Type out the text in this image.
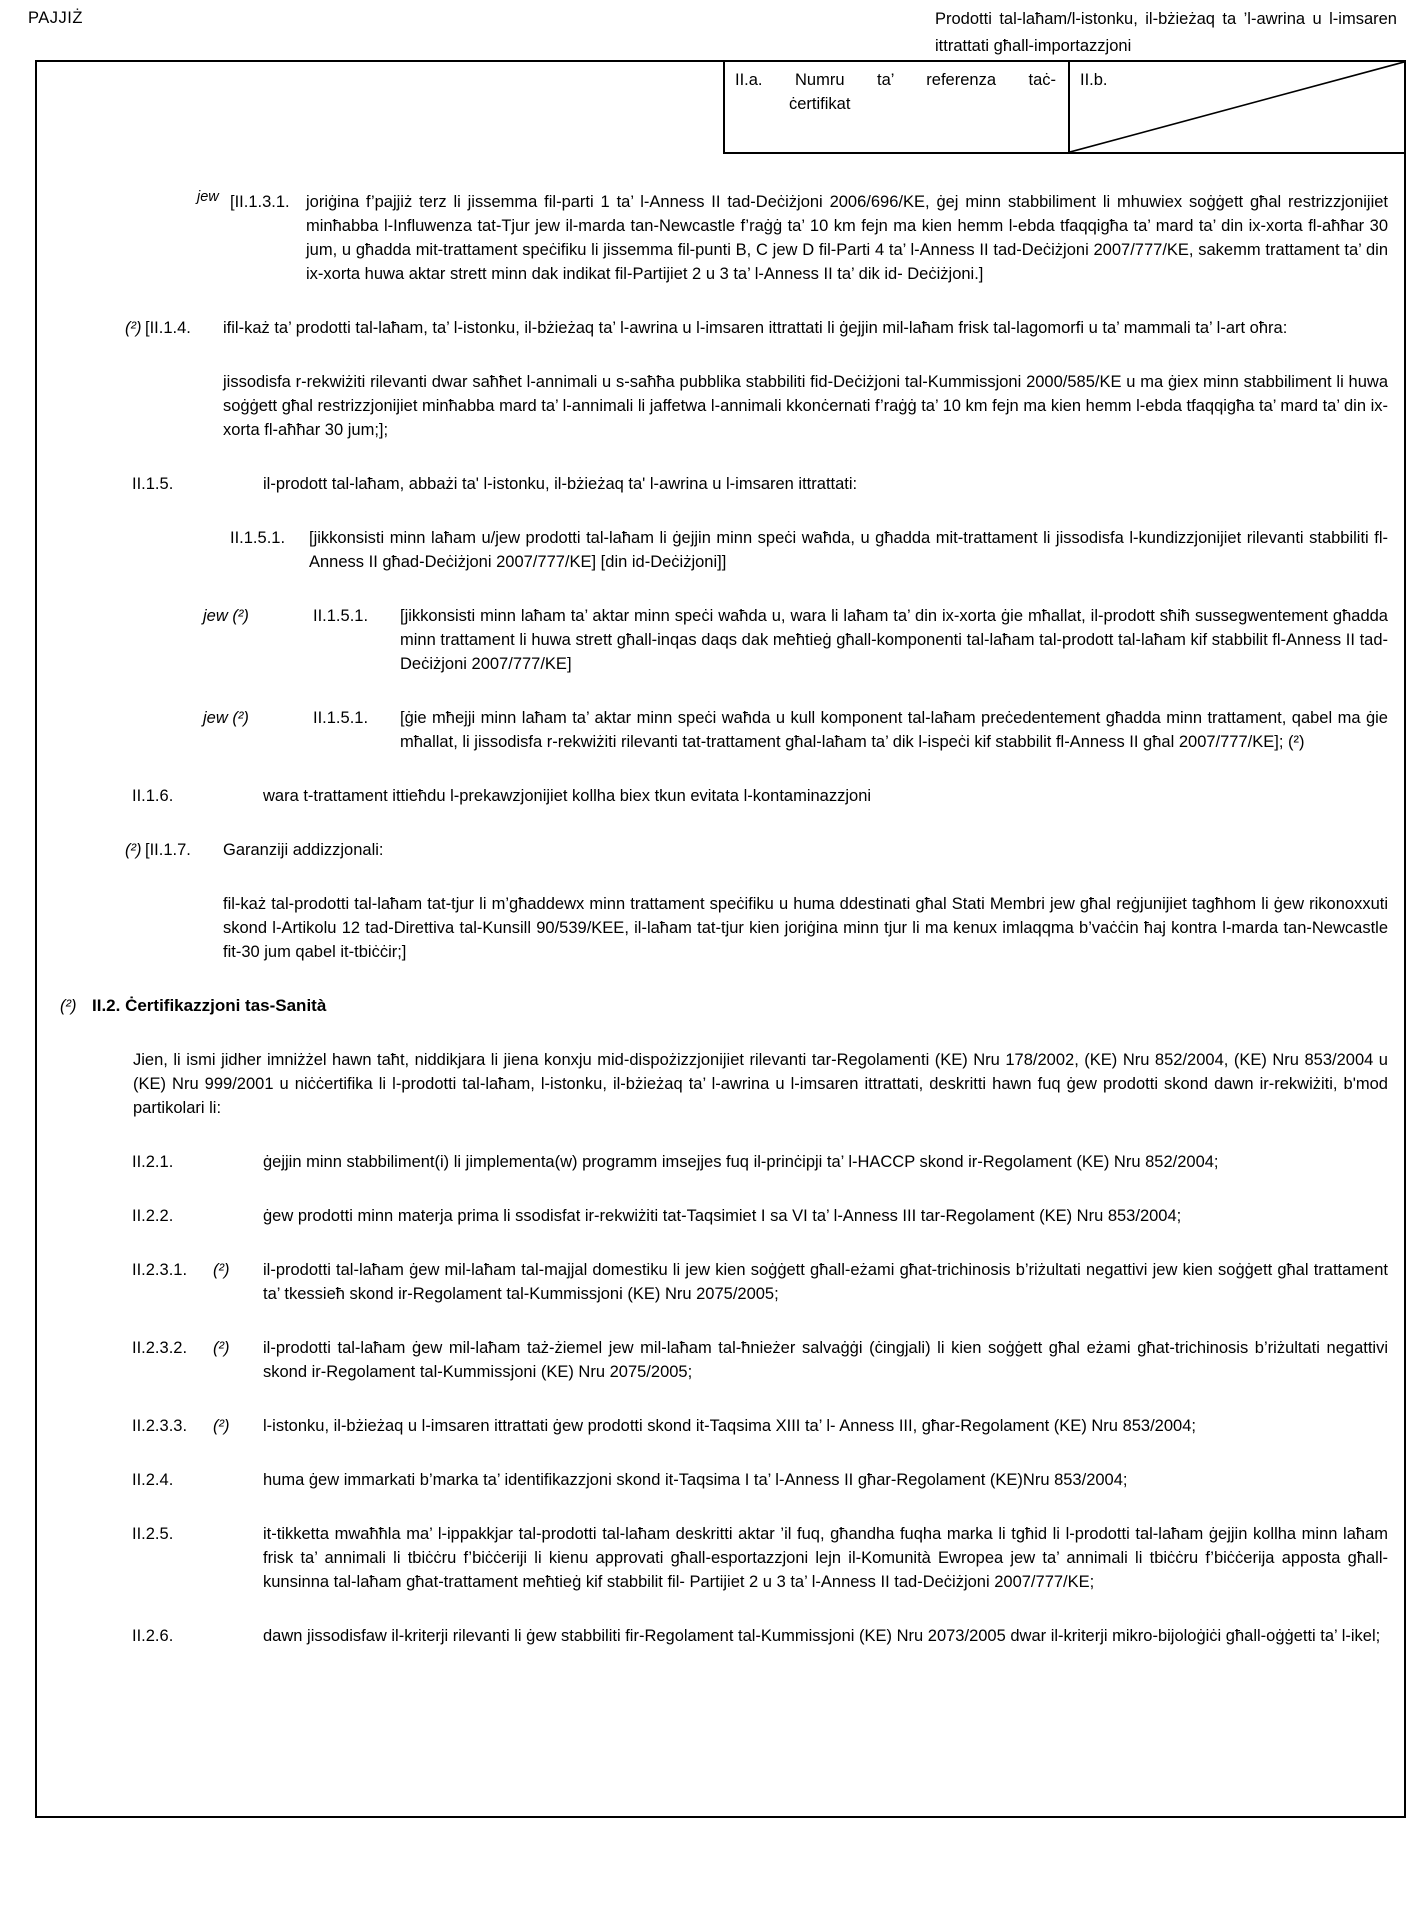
PAJJIŻ	Prodotti tal-laħam/l-istonku, il-bżieżaq ta ’l-awrina u l-imsaren ittrattati għall-importazzjoni
II.a. Numru ta’ referenza taċ-
ċertifikat
II.b.
jew [II.1.3.1. joriġina f’pajjiż terz li jissemma fil-parti 1 ta’ l-Anness II tad-Deċiżjoni 2006/696/KE, ġej minn stabbiliment li mhuwiex soġġett għal restrizzjonijiet minħabba l-Influwenza tat-Tjur jew il-marda tan-Newcastle f’raġġ ta’ 10 km fejn ma kien hemm l-ebda tfaqqigħa ta’ mard ta’ din ix-xorta fl-aħħar 30 jum, u għadda mit-trattament speċifiku li jissemma fil-punti B, C jew D fil-Parti 4 ta’ l-Anness II tad-Deċiżjoni 2007/777/KE, sakemm trattament ta’ din ix-xorta huwa aktar strett minn dak indikat fil-Partijiet 2 u 3 ta’ l-Anness II ta’ dik id- Deċiżjoni.]
(²) [II.1.4. ifil-każ ta’ prodotti tal-laħam, ta’ l-istonku, il-bżieżaq ta’ l-awrina u l-imsaren ittrattati li ġejjin mil-laħam frisk tal-lagomorfi u ta’ mammali ta’ l-art oħra:
jissodisfa r-rekwiżiti rilevanti dwar saħħet l-annimali u s-saħħa pubblika stabbiliti fid-Deċiżjoni tal-Kummissjoni 2000/585/KE u ma ġiex minn stabbiliment li huwa soġġett għal restrizzjonijiet minħabba mard ta’ l-annimali li jaffetwa l-annimali kkonċernati f’raġġ ta’ 10 km fejn ma kien hemm l-ebda tfaqqigħa ta’ mard ta’ din ix-xorta fl-aħħar 30 jum;];
II.1.5.	il-prodott tal-laħam, abbażi ta' l-istonku, il-bżieżaq ta' l-awrina u l-imsaren ittrattati:
II.1.5.1. [jikkonsisti minn laħam u/jew prodotti tal-laħam li ġejjin minn speċi waħda, u għadda mit-trattament li jissodisfa l-kundizzjonijiet rilevanti stabbiliti fl-Anness II għad-Deċiżjoni 2007/777/KE] [din id-Deċiżjoni]]
jew (²)	II.1.5.1. [jikkonsisti minn laħam ta’ aktar minn speċi waħda u, wara li laħam ta’ din ix-xorta ġie mħallat, il-prodott sħiħ sussegwentement għadda minn trattament li huwa strett għall-inqas daqs dak meħtieġ għall-komponenti tal-laħam tal-prodott tal-laħam kif stabbilit fl-Anness II tad-Deċiżjoni 2007/777/KE]
jew (²)	II.1.5.1. [ġie mħejji minn laħam ta’ aktar minn speċi waħda u kull komponent tal-laħam preċedentement għadda minn trattament, qabel ma ġie mħallat, li jissodisfa r-rekwiżiti rilevanti tat-trattament għal-laħam ta’ dik l-ispeċi kif stabbilit fl-Anness II għal 2007/777/KE]; (²)
II.1.6.	wara t-trattament ittieħdu l-prekawzjonijiet kollha biex tkun evitata l-kontaminazzjoni
(²) [II.1.7. Garanziji addizzjonali:
fil-każ tal-prodotti tal-laħam tat-tjur li m’għaddewx minn trattament speċifiku u huma ddestinati għal Stati Membri jew għal reġjunijiet tagħhom li ġew rikonoxxuti skond l-Artikolu 12 tad-Direttiva tal-Kunsill 90/539/KEE, il-laħam tat-tjur kien joriġina minn tjur li ma kenux imlaqqma b’vaċċin ħaj kontra l-marda tan-Newcastle fit-30 jum qabel it-tbiċċir;]
(²) II.2. Ċertifikazzjoni tas-Sanità
Jien, li ismi jidher imniżżel hawn taħt, niddikjara li jiena konxju mid-dispożizzjonijiet rilevanti tar-Regolamenti (KE) Nru 178/2002, (KE) Nru 852/2004, (KE) Nru 853/2004 u (KE) Nru 999/2001 u niċċertifika li l-prodotti tal-laħam, l-istonku, il-bżieżaq ta’ l-awrina u l-imsaren ittrattati, deskritti hawn fuq ġew prodotti skond dawn ir-rekwiżiti, b'mod partikolari li:
II.2.1.	ġejjin minn stabbiliment(i) li jimplementa(w) programm imsejjes fuq il-prinċipji ta’ l-HACCP skond ir-Regolament (KE) Nru 852/2004;
II.2.2.	ġew prodotti minn materja prima li ssodisfat ir-rekwiżiti tat-Taqsimiet I sa VI ta’ l-Anness III tar-Regolament (KE) Nru 853/2004;
II.2.3.1. (²) il-prodotti tal-laħam ġew mil-laħam tal-majjal domestiku li jew kien soġġett għall-eżami għat-trichinosis b’riżultati negattivi jew kien soġġett għal trattament ta’ tkessieħ skond ir-Regolament tal-Kummissjoni (KE) Nru 2075/2005;
II.2.3.2. (²) il-prodotti tal-laħam ġew mil-laħam taż-żiemel jew mil-laħam tal-ħnieżer salvaġġi (ċingjali) li kien soġġett għal eżami għat-trichinosis b’riżultati negattivi skond ir-Regolament tal-Kummissjoni (KE) Nru 2075/2005;
II.2.3.3. (²) l-istonku, il-bżieżaq u l-imsaren ittrattati ġew prodotti skond it-Taqsima XIII ta’ l- Anness III, għar-Regolament (KE) Nru 853/2004;
II.2.4.	huma ġew immarkati b’marka ta’ identifikazzjoni skond it-Taqsima I ta’ l-Anness II għar-Regolament (KE)Nru 853/2004;
II.2.5.	it-tikketta mwaħħla ma’ l-ippakkjar tal-prodotti tal-laħam deskritti aktar ’il fuq, għandha fuqha marka li tgħid li l-prodotti tal-laħam ġejjin kollha minn laħam frisk ta’ annimali li tbiċċru f’biċċeriji li kienu approvati għall-esportazzjoni lejn il-Komunità Ewropea jew ta’ annimali li tbiċċru f’biċċerija apposta għall-kunsinna tal-laħam għat-trattament meħtieġ kif stabbilit fil- Partijiet 2 u 3 ta’ l-Anness II tad-Deċiżjoni 2007/777/KE;
II.2.6.	dawn jissodisfaw il-kriterji rilevanti li ġew stabbiliti fir-Regolament tal-Kummissjoni (KE) Nru 2073/2005 dwar il-kriterji mikro-bijoloġiċi għall-oġġetti ta’ l-ikel;
